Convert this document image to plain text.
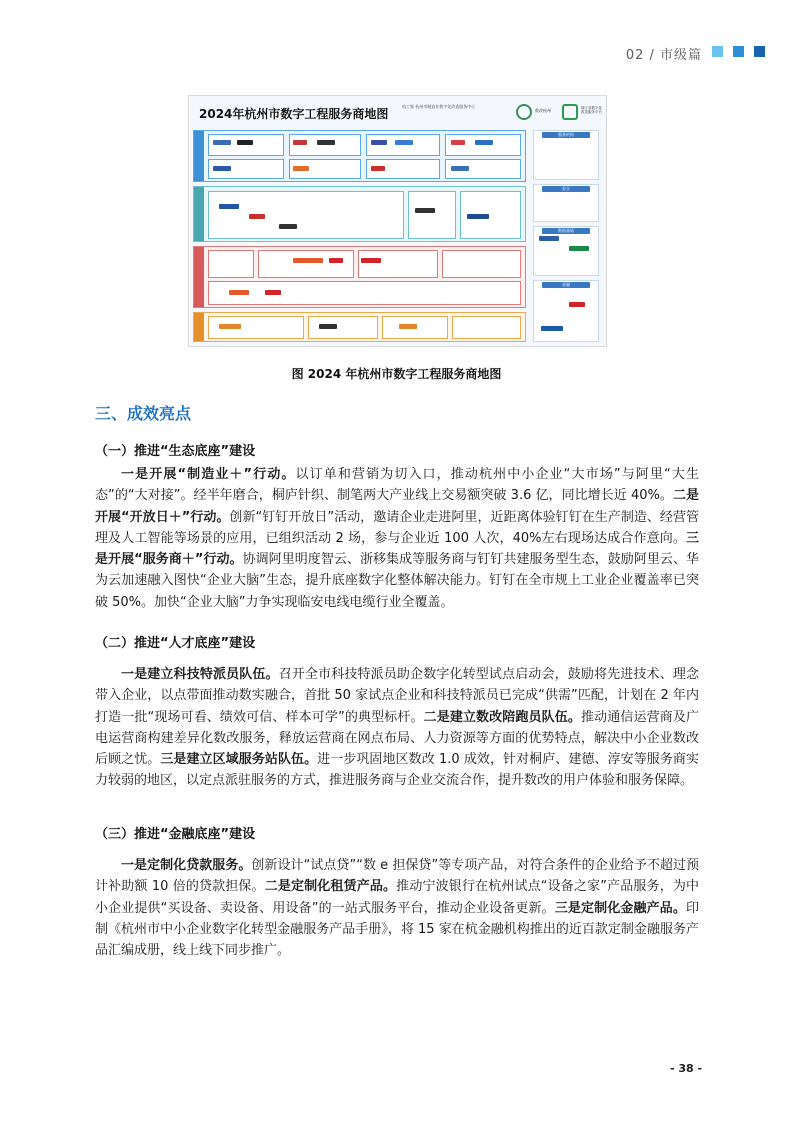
02 / 市级篇
2024年杭州市数字工程服务商地图
杭工集 杭州市制造业数字化改造服务中心
数改杭州	浙江省数字化改造服务平台
服务机构
安全
数据基础
金融
图 2024 年杭州市数字工程服务商地图
三、成效亮点
（一）推进“生态底座”建设

一是开展“制造业＋”行动。以订单和营销为切入口，推动杭州中小企业“大市场”与阿里“大生态”的“大对接”。经半年磨合，桐庐针织、制笔两大产业线上交易额突破 3.6 亿，同比增长近 40%。二是开展“开放日＋”行动。创新“钉钉开放日”活动，邀请企业走进阿里，近距离体验钉钉在生产制造、经营管理及人工智能等场景的应用，已组织活动 2 场，参与企业近 100 人次，40%左右现场达成合作意向。三是开展“服务商＋”行动。协调阿里明度智云、浙移集成等服务商与钉钉共建服务型生态，鼓励阿里云、华为云加速融入图快“企业大脑”生态，提升底座数字化整体解决能力。钉钉在全市规上工业企业覆盖率已突破 50%。加快“企业大脑”力争实现临安电线电缆行业全覆盖。

（二）推进“人才底座”建设

一是建立科技特派员队伍。召开全市科技特派员助企数字化转型试点启动会，鼓励将先进技术、理念带入企业，以点带面推动数实融合，首批 50 家试点企业和科技特派员已完成“供需”匹配，计划在 2 年内打造一批“现场可看、绩效可信、样本可学”的典型标杆。二是建立数改陪跑员队伍。推动通信运营商及广电运营商构建差异化数改服务，释放运营商在网点布局、人力资源等方面的优势特点，解决中小企业数改后顾之忧。三是建立区域服务站队伍。进一步巩固地区数改 1.0 成效，针对桐庐、建德、淳安等服务商实力较弱的地区，以定点派驻服务的方式，推进服务商与企业交流合作，提升数改的用户体验和服务保障。

（三）推进“金融底座”建设

一是定制化贷款服务。创新设计“试点贷”“数 e 担保贷”等专项产品，对符合条件的企业给予不超过预计补助额 10 倍的贷款担保。二是定制化租赁产品。推动宁波银行在杭州试点“设备之家”产品服务，为中小企业提供“买设备、卖设备、用设备”的一站式服务平台，推动企业设备更新。三是定制化金融产品。印制《杭州市中小企业数字化转型金融服务产品手册》，将 15 家在杭金融机构推出的近百款定制金融服务产品汇编成册，线上线下同步推广。

- 38 -
